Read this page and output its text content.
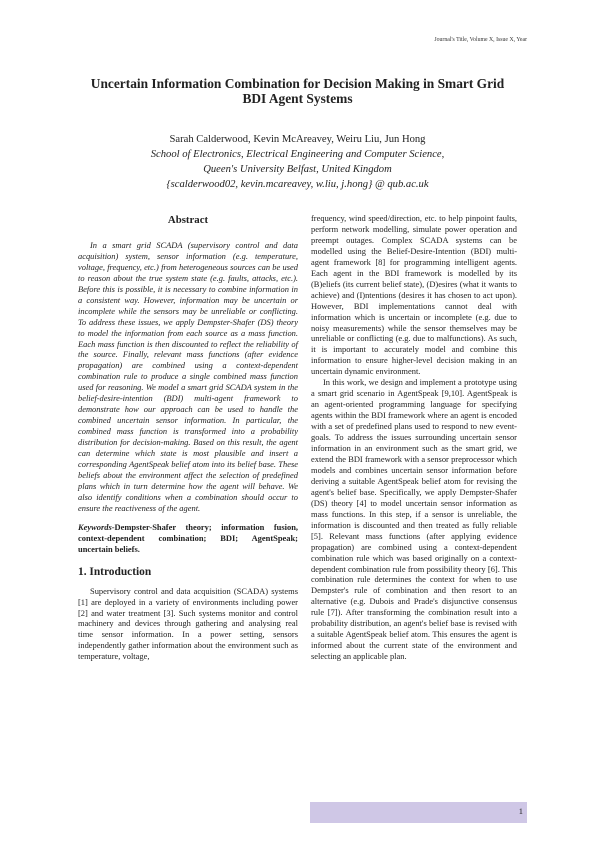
Journal's Title, Volume X, Issue X, Year
Uncertain Information Combination for Decision Making in Smart Grid
BDI Agent Systems
Sarah Calderwood, Kevin McAreavey, Weiru Liu, Jun Hong
School of Electronics, Electrical Engineering and Computer Science,
Queen's University Belfast, United Kingdom
{scalderwood02, kevin.mcareavey, w.liu, j.hong} @ qub.ac.uk
Abstract

In a smart grid SCADA (supervisory control and data acquisition) system, sensor information (e.g. temperature, voltage, frequency, etc.) from heterogeneous sources can be used to reason about the true system state (e.g. faults, attacks, etc.). Before this is possible, it is necessary to combine information in a consistent way. However, information may be uncertain or incomplete while the sensors may be unreliable or conflicting. To address these issues, we apply Dempster-Shafer (DS) theory to model the information from each source as a mass function. Each mass function is then discounted to reflect the reliability of the source. Finally, relevant mass functions (after evidence propagation) are combined using a context-dependent combination rule to produce a single combined mass function used for reasoning. We model a smart grid SCADA system in the belief-desire-intention (BDI) multi-agent framework to demonstrate how our approach can be used to handle the combined uncertain sensor information. In particular, the combined mass function is transformed into a probability distribution for decision-making. Based on this result, the agent can determine which state is most plausible and insert a corresponding AgentSpeak belief atom into its belief base. These beliefs about the environment affect the selection of predefined plans which in turn determine how the agent will behave. We also identify conditions when a combination should occur to ensure the reactiveness of the agent.

Keywords-Dempster-Shafer theory; information fusion, context-dependent combination; BDI; AgentSpeak; uncertain beliefs.

1. Introduction

Supervisory control and data acquisition (SCADA) systems [1] are deployed in a variety of environments including power [2] and water treatment [3]. Such systems monitor and control machinery and devices through gathering and analysing real time sensor information. In a power setting, sensors independently gather information about the environment such as temperature, voltage,

frequency, wind speed/direction, etc. to help pinpoint faults, perform network modelling, simulate power operation and preempt outages. Complex SCADA systems can be modelled using the Belief-Desire-Intention (BDI) multi-agent framework [8] for programming intelligent agents. Each agent in the BDI framework is modelled by its (B)eliefs (its current belief state), (D)esires (what it wants to achieve) and (I)ntentions (desires it has chosen to act upon). However, BDI implementations cannot deal with information which is uncertain or incomplete (e.g. due to noisy measurements) while the sensor themselves may be unreliable or conflicting (e.g. due to malfunctions). As such, it is important to accurately model and combine this information to ensure higher-level decision making in an uncertain dynamic environment.

In this work, we design and implement a prototype using a smart grid scenario in AgentSpeak [9,10]. AgentSpeak is an agent-oriented programming language for specifying agents within the BDI framework where an agent is encoded with a set of predefined plans used to respond to new event-goals. To address the issues surrounding uncertain sensor information in an environment such as the smart grid, we extend the BDI framework with a sensor preprocessor which models and combines uncertain sensor information before deriving a suitable AgentSpeak belief atom for revising the agent's belief base. Specifically, we apply Dempster-Shafer (DS) theory [4] to model uncertain sensor information as mass functions. In this step, if a sensor is unreliable, the information is discounted and then treated as fully reliable [5]. Relevant mass functions (after applying evidence propagation) are combined using a context-dependent combination rule which was based originally on a context-dependent combination rule from possibility theory [6]. This combination rule determines the context for when to use Dempster's rule of combination and then resort to an alternative (e.g. Dubois and Prade's disjunctive consensus rule [7]). After transforming the combination result into a probability distribution, an agent's belief base is revised with a suitable AgentSpeak belief atom. This ensures the agent is informed about the current state of the environment and selecting an applicable plan.

1
